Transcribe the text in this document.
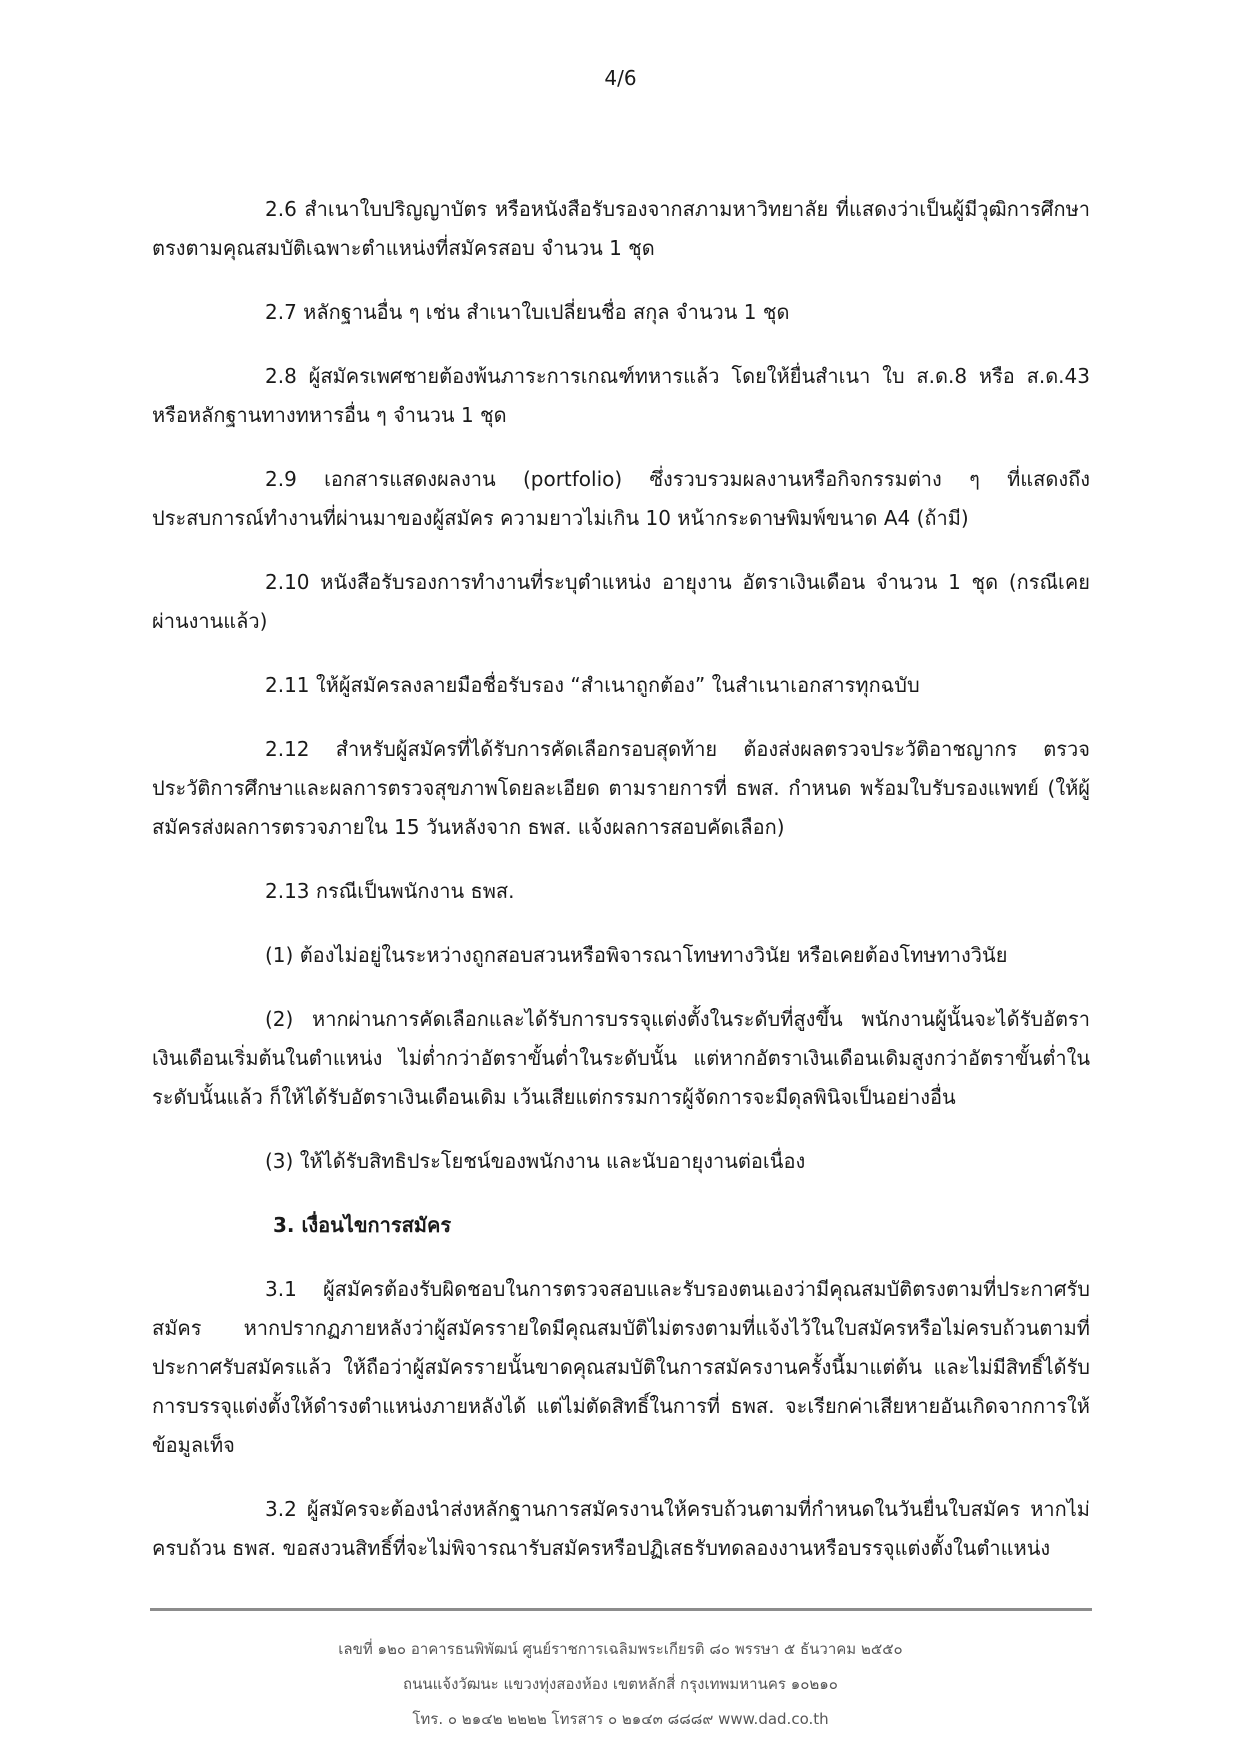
4/6

2.6 สำเนาใบปริญญาบัตร หรือหนังสือรับรองจากสภามหาวิทยาลัย ที่แสดงว่าเป็นผู้มีวุฒิการศึกษาตรงตามคุณสมบัติเฉพาะตำแหน่งที่สมัครสอบ จำนวน 1 ชุด

2.7 หลักฐานอื่น ๆ เช่น สำเนาใบเปลี่ยนชื่อ สกุล จำนวน 1 ชุด

2.8 ผู้สมัครเพศชายต้องพ้นภาระการเกณฑ์ทหารแล้ว โดยให้ยื่นสำเนา ใบ ส.ด.8 หรือ ส.ด.43 หรือหลักฐานทางทหารอื่น ๆ จำนวน 1 ชุด

2.9 เอกสารแสดงผลงาน (portfolio) ซึ่งรวบรวมผลงานหรือกิจกรรมต่าง ๆ ที่แสดงถึงประสบการณ์ทำงานที่ผ่านมาของผู้สมัคร ความยาวไม่เกิน 10 หน้ากระดาษพิมพ์ขนาด A4 (ถ้ามี)

2.10 หนังสือรับรองการทำงานที่ระบุตำแหน่ง อายุงาน อัตราเงินเดือน จำนวน 1 ชุด (กรณีเคยผ่านงานแล้ว)

2.11 ให้ผู้สมัครลงลายมือชื่อรับรอง “สำเนาถูกต้อง” ในสำเนาเอกสารทุกฉบับ

2.12 สำหรับผู้สมัครที่ได้รับการคัดเลือกรอบสุดท้าย ต้องส่งผลตรวจประวัติอาชญากร ตรวจประวัติการศึกษาและผลการตรวจสุขภาพโดยละเอียด ตามรายการที่ ธพส. กำหนด พร้อมใบรับรองแพทย์ (ให้ผู้สมัครส่งผลการตรวจภายใน 15 วันหลังจาก ธพส. แจ้งผลการสอบคัดเลือก)

2.13 กรณีเป็นพนักงาน ธพส.

(1) ต้องไม่อยู่ในระหว่างถูกสอบสวนหรือพิจารณาโทษทางวินัย หรือเคยต้องโทษทางวินัย

(2) หากผ่านการคัดเลือกและได้รับการบรรจุแต่งตั้งในระดับที่สูงขึ้น พนักงานผู้นั้นจะได้รับอัตราเงินเดือนเริ่มต้นในตำแหน่ง ไม่ต่ำกว่าอัตราขั้นต่ำในระดับนั้น แต่หากอัตราเงินเดือนเดิมสูงกว่าอัตราขั้นต่ำในระดับนั้นแล้ว ก็ให้ได้รับอัตราเงินเดือนเดิม เว้นเสียแต่กรรมการผู้จัดการจะมีดุลพินิจเป็นอย่างอื่น

(3) ให้ได้รับสิทธิประโยชน์ของพนักงาน และนับอายุงานต่อเนื่อง

3. เงื่อนไขการสมัคร

3.1 ผู้สมัครต้องรับผิดชอบในการตรวจสอบและรับรองตนเองว่ามีคุณสมบัติตรงตามที่ประกาศรับสมัคร หากปรากฏภายหลังว่าผู้สมัครรายใดมีคุณสมบัติไม่ตรงตามที่แจ้งไว้ในใบสมัครหรือไม่ครบถ้วนตามที่ประกาศรับสมัครแล้ว ให้ถือว่าผู้สมัครรายนั้นขาดคุณสมบัติในการสมัครงานครั้งนี้มาแต่ต้น และไม่มีสิทธิ์ได้รับการบรรจุแต่งตั้งให้ดำรงตำแหน่งภายหลังได้ แต่ไม่ตัดสิทธิ์ในการที่ ธพส. จะเรียกค่าเสียหายอันเกิดจากการให้ข้อมูลเท็จ

3.2 ผู้สมัครจะต้องนำส่งหลักฐานการสมัครงานให้ครบถ้วนตามที่กำหนดในวันยื่นใบสมัคร หากไม่ครบถ้วน ธพส. ขอสงวนสิทธิ์ที่จะไม่พิจารณารับสมัครหรือปฏิเสธรับทดลองงานหรือบรรจุแต่งตั้งในตำแหน่ง

เลขที่ ๑๒๐ อาคารธนพิพัฒน์ ศูนย์ราชการเฉลิมพระเกียรติ ๘๐ พรรษา ๕ ธันวาคม ๒๕๕๐

ถนนแจ้งวัฒนะ แขวงทุ่งสองห้อง เขตหลักสี่ กรุงเทพมหานคร ๑๐๒๑๐

โทร. ๐ ๒๑๔๒ ๒๒๒๒ โทรสาร ๐ ๒๑๔๓ ๘๘๘๙ www.dad.co.th
